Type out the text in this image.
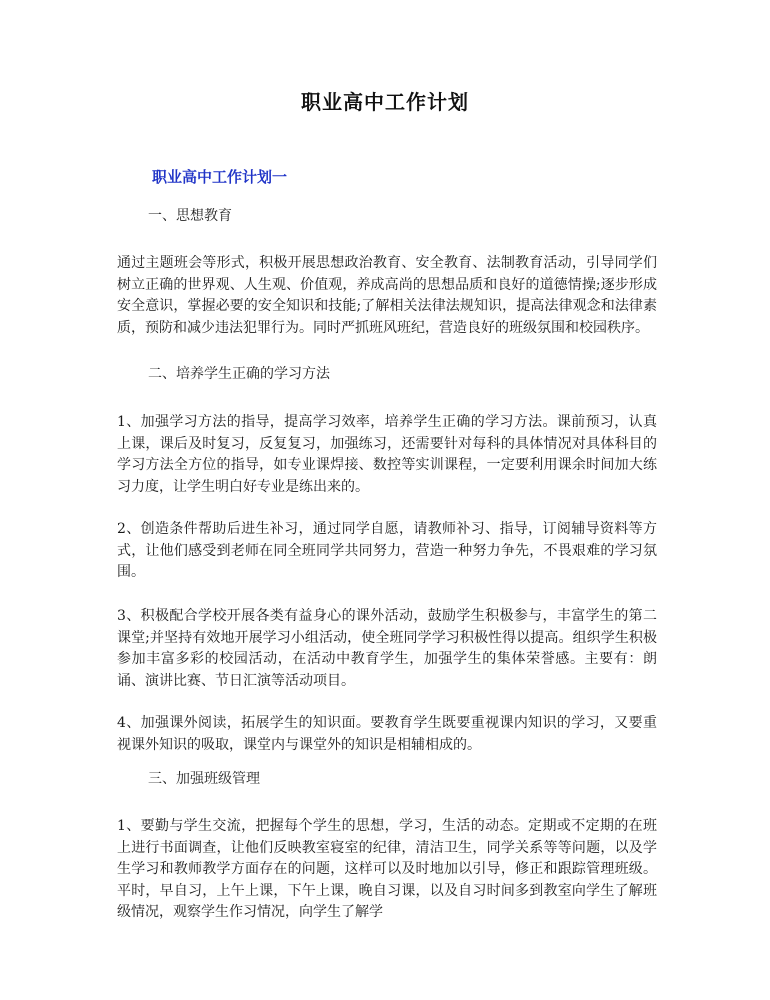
职业高中工作计划
职业高中工作计划一

一、思想教育

通过主题班会等形式，积极开展思想政治教育、安全教育、法制教育活动，引导同学们树立正确的世界观、人生观、价值观，养成高尚的思想品质和良好的道德情操;逐步形成安全意识，掌握必要的安全知识和技能;了解相关法律法规知识，提高法律观念和法律素质，预防和减少违法犯罪行为。同时严抓班风班纪，营造良好的班级氛围和校园秩序。

二、培养学生正确的学习方法

1、加强学习方法的指导，提高学习效率，培养学生正确的学习方法。课前预习，认真上课，课后及时复习，反复复习，加强练习，还需要针对每科的具体情况对具体科目的学习方法全方位的指导，如专业课焊接、数控等实训课程，一定要利用课余时间加大练习力度，让学生明白好专业是练出来的。

2、创造条件帮助后进生补习，通过同学自愿，请教师补习、指导，订阅辅导资料等方式，让他们感受到老师在同全班同学共同努力，营造一种努力争先，不畏艰难的学习氛围。

3、积极配合学校开展各类有益身心的课外活动，鼓励学生积极参与，丰富学生的第二课堂;并坚持有效地开展学习小组活动，使全班同学学习积极性得以提高。组织学生积极参加丰富多彩的校园活动，在活动中教育学生，加强学生的集体荣誉感。主要有：朗诵、演讲比赛、节日汇演等活动项目。

4、加强课外阅读，拓展学生的知识面。要教育学生既要重视课内知识的学习，又要重视课外知识的吸取，课堂内与课堂外的知识是相辅相成的。

三、加强班级管理

1、要勤与学生交流，把握每个学生的思想，学习，生活的动态。定期或不定期的在班上进行书面调查，让他们反映教室寝室的纪律，清洁卫生，同学关系等等问题，以及学生学习和教师教学方面存在的问题，这样可以及时地加以引导，修正和跟踪管理班级。平时，早自习，上午上课，下午上课，晚自习课，以及自习时间多到教室向学生了解班级情况，观察学生作习情况，向学生了解学
